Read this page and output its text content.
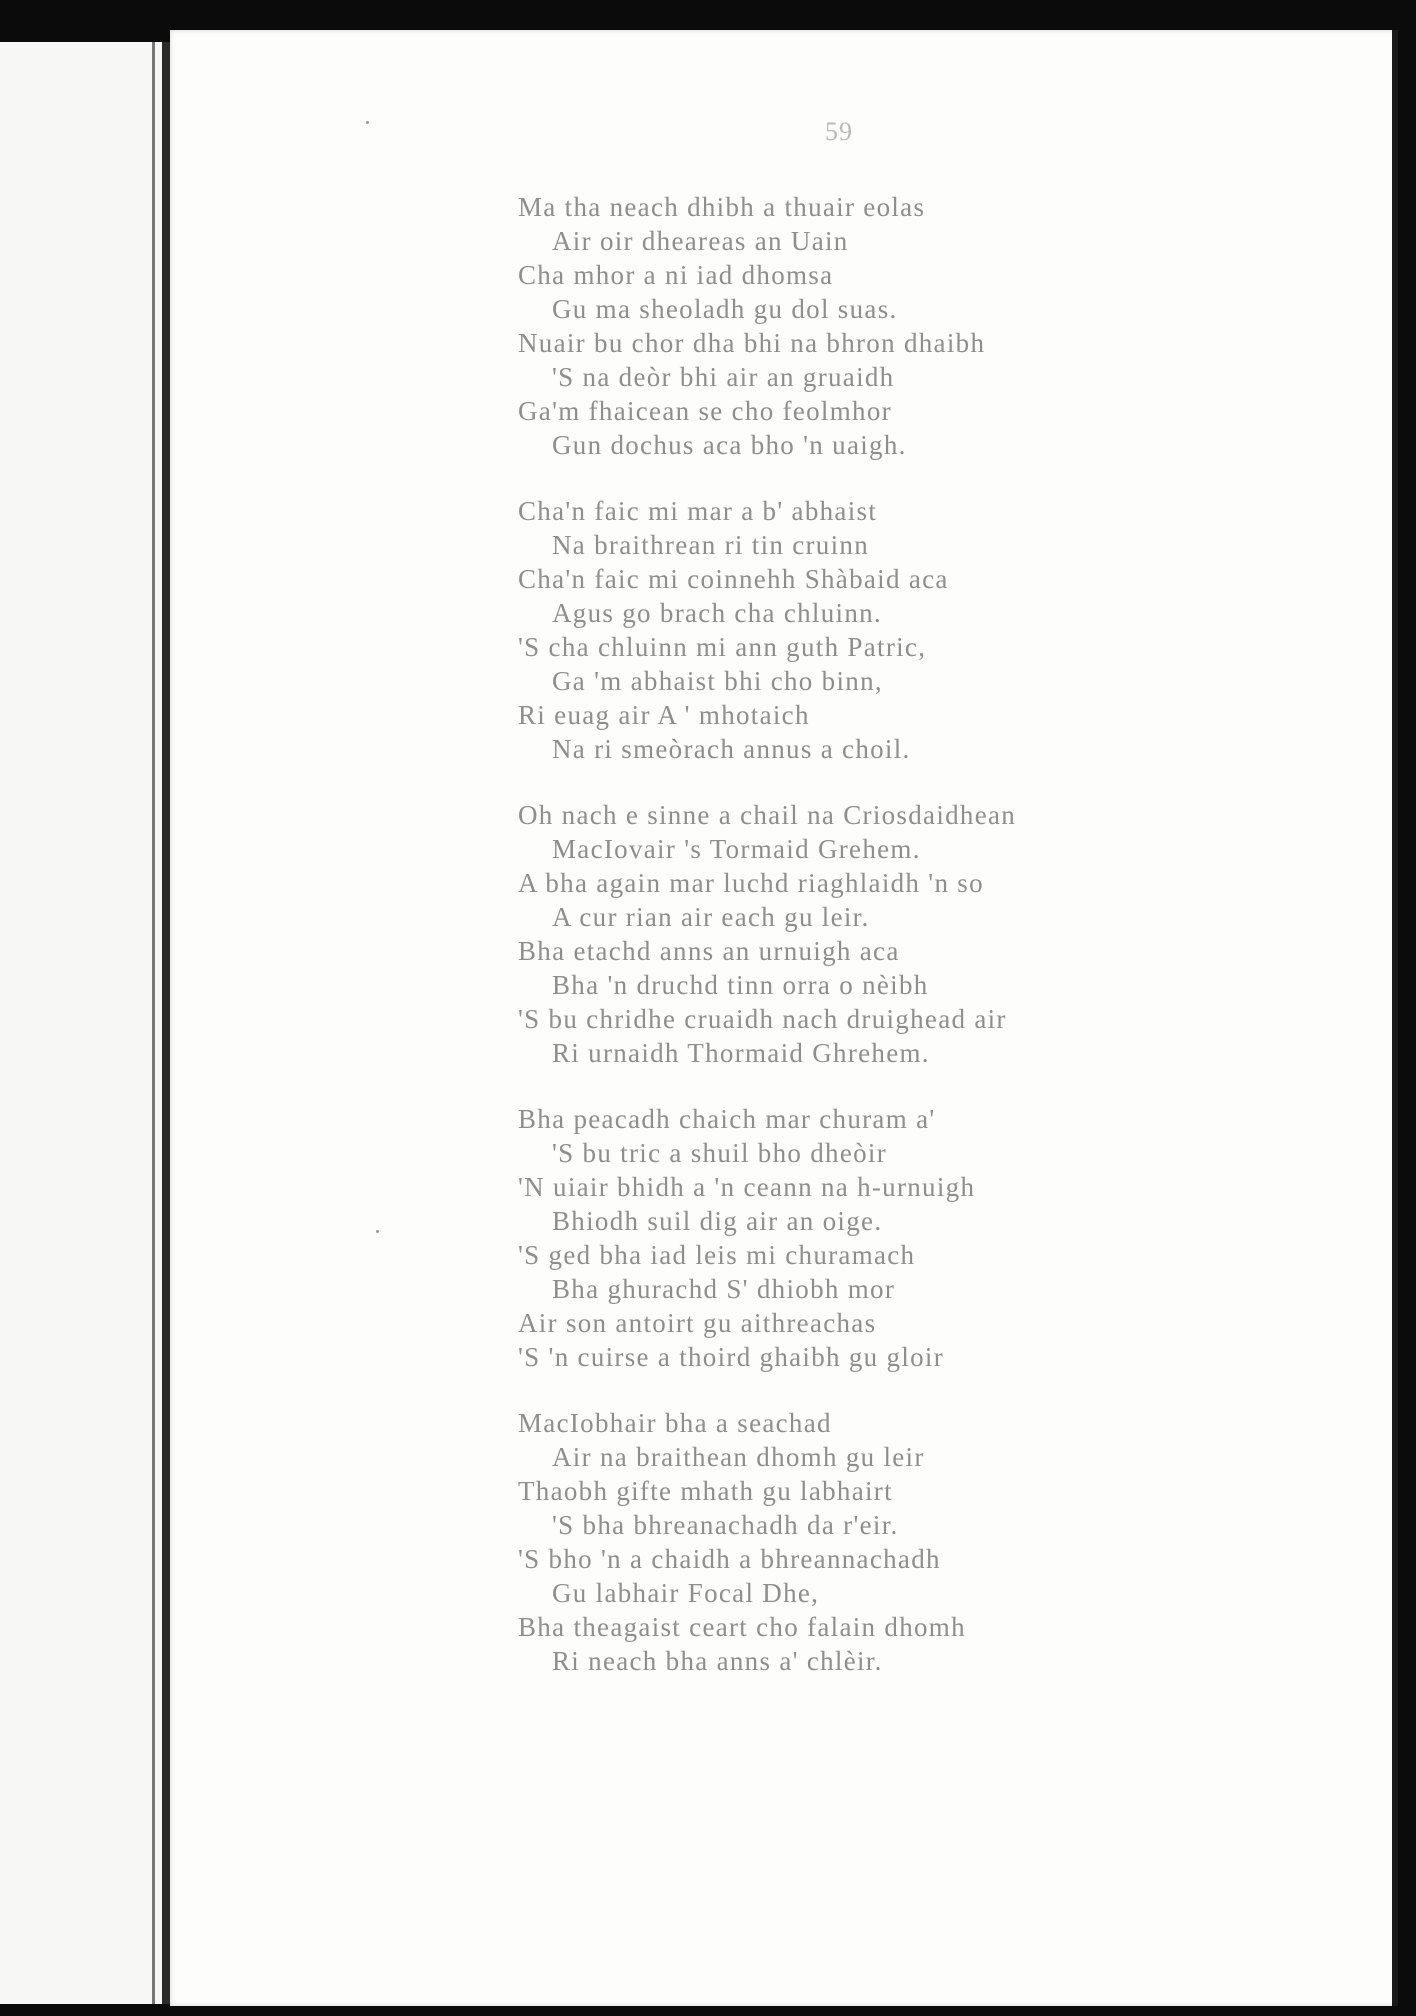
59
Ma tha neach dhibh a thuair eolas
Air oir dheareas an Uain
Cha mhor a ni iad dhomsa
Gu ma sheoladh gu dol suas.
Nuair bu chor dha bhi na bhron dhaibh
'S na deòr bhi air an gruaidh
Ga'm fhaicean se cho feolmhor
Gun dochus aca bho 'n uaigh.
Cha'n faic mi mar a b' abhaist
Na braithrean ri tin cruinn
Cha'n faic mi coinnehh Shàbaid aca
Agus go brach cha chluinn.
'S cha chluinn mi ann guth Patric,
Ga 'm abhaist bhi cho binn,
Ri euag air A ' mhotaich
Na ri smeòrach annus a choil.
Oh nach e sinne a chail na Criosdaidhean
MacIovair 's Tormaid Grehem.
A bha again mar luchd riaghlaidh 'n so
A cur rian air each gu leir.
Bha etachd anns an urnuigh aca
Bha 'n druchd tinn orra o nèibh
'S bu chridhe cruaidh nach druighead air
Ri urnaidh Thormaid Ghrehem.
Bha peacadh chaich mar churam a'
'S bu tric a shuil bho dheòir
'N uiair bhidh a 'n ceann na h-urnuigh
Bhiodh suil dig air an oige.
'S ged bha iad leis mi churamach
Bha ghurachd S' dhiobh mor
Air son antoirt gu aithreachas
'S 'n cuirse a thoird ghaibh gu gloir
MacIobhair bha a seachad
Air na braithean dhomh gu leir
Thaobh gifte mhath gu labhairt
'S bha bhreanachadh da r'eir.
'S bho 'n a chaidh a bhreannachadh
Gu labhair Focal Dhe,
Bha theagaist ceart cho falain dhomh
Ri neach bha anns a' chlèir.
